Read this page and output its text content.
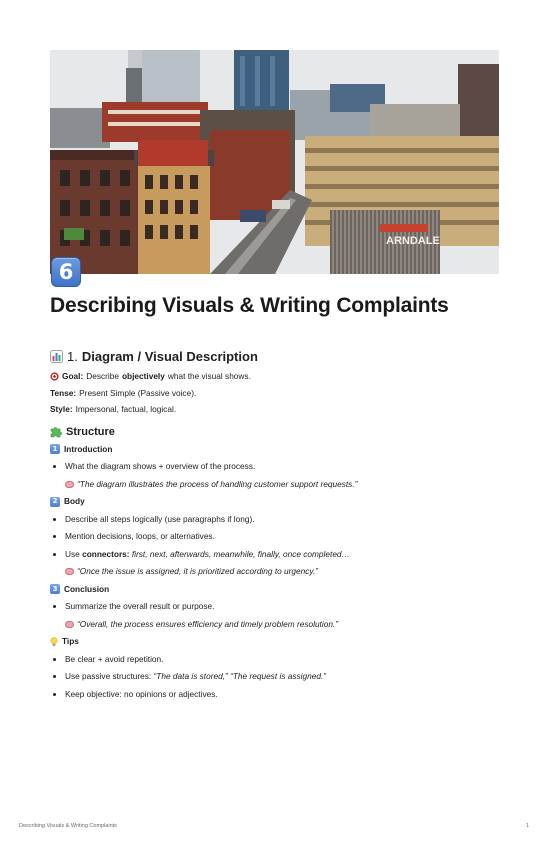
ARNDALE
6
Describing Visuals & Writing Complaints
1. Diagram / Visual Description
Goal: Describe objectively what the visual shows.
Tense: Present Simple (Passive voice).
Style: Impersonal, factual, logical.
Structure
1 Introduction
What the diagram shows + overview of the process.
“The diagram illustrates the process of handling customer support requests.”
2 Body
Describe all steps logically (use paragraphs if long).
Mention decisions, loops, or alternatives.
Use connectors: first, next, afterwards, meanwhile, finally, once completed…
“Once the issue is assigned, it is prioritized according to urgency.”
3 Conclusion
Summarize the overall result or purpose.
“Overall, the process ensures efficiency and timely problem resolution.”
Tips
Be clear + avoid repetition.
Use passive structures: “The data is stored,” “The request is assigned.”
Keep objective: no opinions or adjectives.
Describing Visuals & Writing Complaints	1
